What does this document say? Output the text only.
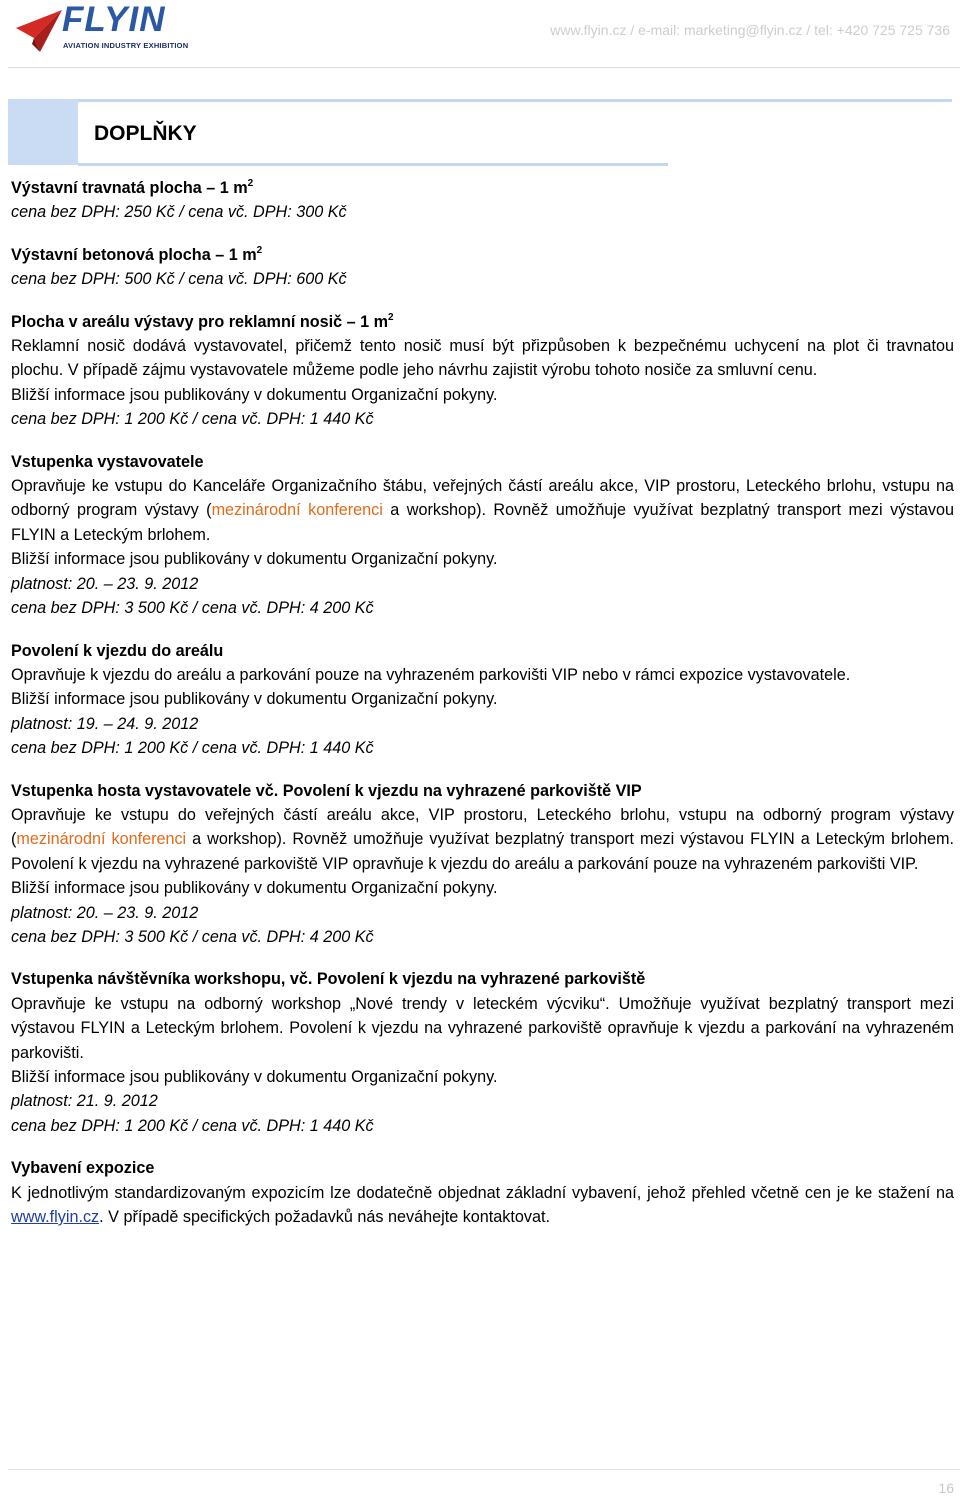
FLYIN
AVIATION INDUSTRY EXHIBITION
www.flyin.cz / e-mail: marketing@flyin.cz / tel: +420 725 725 736
DOPLŇKY

Výstavní travnatá plocha – 1 $m^2$

cena bez DPH: 250 Kč / cena vč. DPH: 300 Kč

Výstavní betonová plocha – 1 $m^2$

cena bez DPH: 500 Kč / cena vč. DPH: 600 Kč

Plocha v areálu výstavy pro reklamní nosič – 1 $m^2$

Reklamní nosič dodává vystavovatel, přičemž tento nosič musí být přizpůsoben k bezpečnému uchycení na plot či travnatou plochu. V případě zájmu vystavovatele můžeme podle jeho návrhu zajistit výrobu tohoto nosiče za smluvní cenu.

Bližší informace jsou publikovány v dokumentu Organizační pokyny.

cena bez DPH: 1 200 Kč / cena vč. DPH: 1 440 Kč

Vstupenka vystavovatele

Opravňuje ke vstupu do Kanceláře Organizačního štábu, veřejných částí areálu akce, VIP prostoru, Leteckého brlohu, vstupu na odborný program výstavy (mezinárodní konferenci a workshop). Rovněž umožňuje využívat bezplatný transport mezi výstavou FLYIN a Leteckým brlohem.

Bližší informace jsou publikovány v dokumentu Organizační pokyny.

platnost: 20. – 23. 9. 2012

cena bez DPH: 3 500 Kč / cena vč. DPH: 4 200 Kč

Povolení k vjezdu do areálu

Opravňuje k vjezdu do areálu a parkování pouze na vyhrazeném parkovišti VIP nebo v rámci expozice vystavovatele.

Bližší informace jsou publikovány v dokumentu Organizační pokyny.

platnost: 19. – 24. 9. 2012

cena bez DPH: 1 200 Kč / cena vč. DPH: 1 440 Kč

Vstupenka hosta vystavovatele vč. Povolení k vjezdu na vyhrazené parkoviště VIP

Opravňuje ke vstupu do veřejných částí areálu akce, VIP prostoru, Leteckého brlohu, vstupu na odborný program výstavy (mezinárodní konferenci a workshop). Rovněž umožňuje využívat bezplatný transport mezi výstavou FLYIN a Leteckým brlohem. Povolení k vjezdu na vyhrazené parkoviště VIP opravňuje k vjezdu do areálu a parkování pouze na vyhrazeném parkovišti VIP.

Bližší informace jsou publikovány v dokumentu Organizační pokyny.

platnost: 20. – 23. 9. 2012

cena bez DPH: 3 500 Kč / cena vč. DPH: 4 200 Kč

Vstupenka návštěvníka workshopu, vč. Povolení k vjezdu na vyhrazené parkoviště

Opravňuje ke vstupu na odborný workshop „Nové trendy v leteckém výcviku“. Umožňuje využívat bezplatný transport mezi výstavou FLYIN a Leteckým brlohem. Povolení k vjezdu na vyhrazené parkoviště opravňuje k vjezdu a parkování na vyhrazeném parkovišti.

Bližší informace jsou publikovány v dokumentu Organizační pokyny.

platnost: 21. 9. 2012

cena bez DPH: 1 200 Kč / cena vč. DPH: 1 440 Kč

Vybavení expozice

K jednotlivým standardizovaným expozicím lze dodatečně objednat základní vybavení, jehož přehled včetně cen je ke stažení na www.flyin.cz. V případě specifických požadavků nás neváhejte kontaktovat.

16
